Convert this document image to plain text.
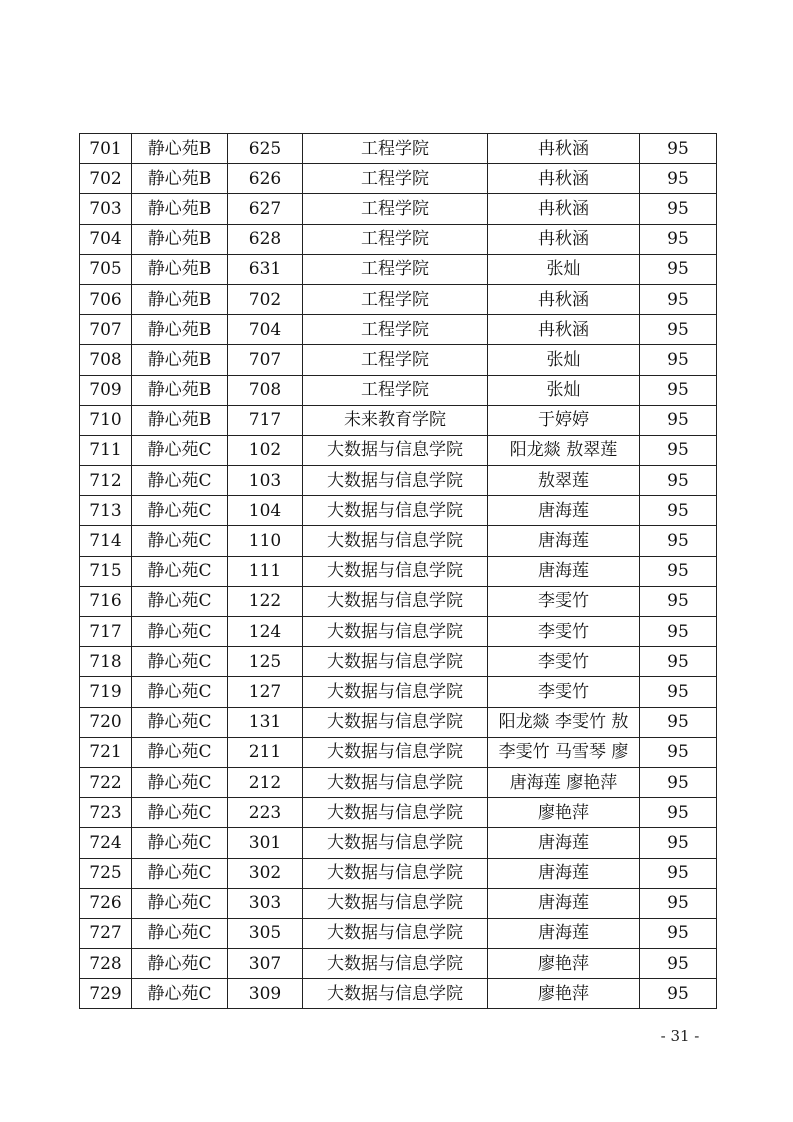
701	静心苑B	625	工程学院	冉秋涵	95
702	静心苑B	626	工程学院	冉秋涵	95
703	静心苑B	627	工程学院	冉秋涵	95
704	静心苑B	628	工程学院	冉秋涵	95
705	静心苑B	631	工程学院	张灿	95
706	静心苑B	702	工程学院	冉秋涵	95
707	静心苑B	704	工程学院	冉秋涵	95
708	静心苑B	707	工程学院	张灿	95
709	静心苑B	708	工程学院	张灿	95
710	静心苑B	717	未来教育学院	于婷婷	95
711	静心苑C	102	大数据与信息学院	阳龙燚 敖翠莲	95
712	静心苑C	103	大数据与信息学院	敖翠莲	95
713	静心苑C	104	大数据与信息学院	唐海莲	95
714	静心苑C	110	大数据与信息学院	唐海莲	95
715	静心苑C	111	大数据与信息学院	唐海莲	95
716	静心苑C	122	大数据与信息学院	李雯竹	95
717	静心苑C	124	大数据与信息学院	李雯竹	95
718	静心苑C	125	大数据与信息学院	李雯竹	95
719	静心苑C	127	大数据与信息学院	李雯竹	95
720	静心苑C	131	大数据与信息学院	阳龙燚 李雯竹 敖	95
721	静心苑C	211	大数据与信息学院	李雯竹 马雪琴 廖	95
722	静心苑C	212	大数据与信息学院	唐海莲 廖艳萍	95
723	静心苑C	223	大数据与信息学院	廖艳萍	95
724	静心苑C	301	大数据与信息学院	唐海莲	95
725	静心苑C	302	大数据与信息学院	唐海莲	95
726	静心苑C	303	大数据与信息学院	唐海莲	95
727	静心苑C	305	大数据与信息学院	唐海莲	95
728	静心苑C	307	大数据与信息学院	廖艳萍	95
729	静心苑C	309	大数据与信息学院	廖艳萍	95
- 31 -
